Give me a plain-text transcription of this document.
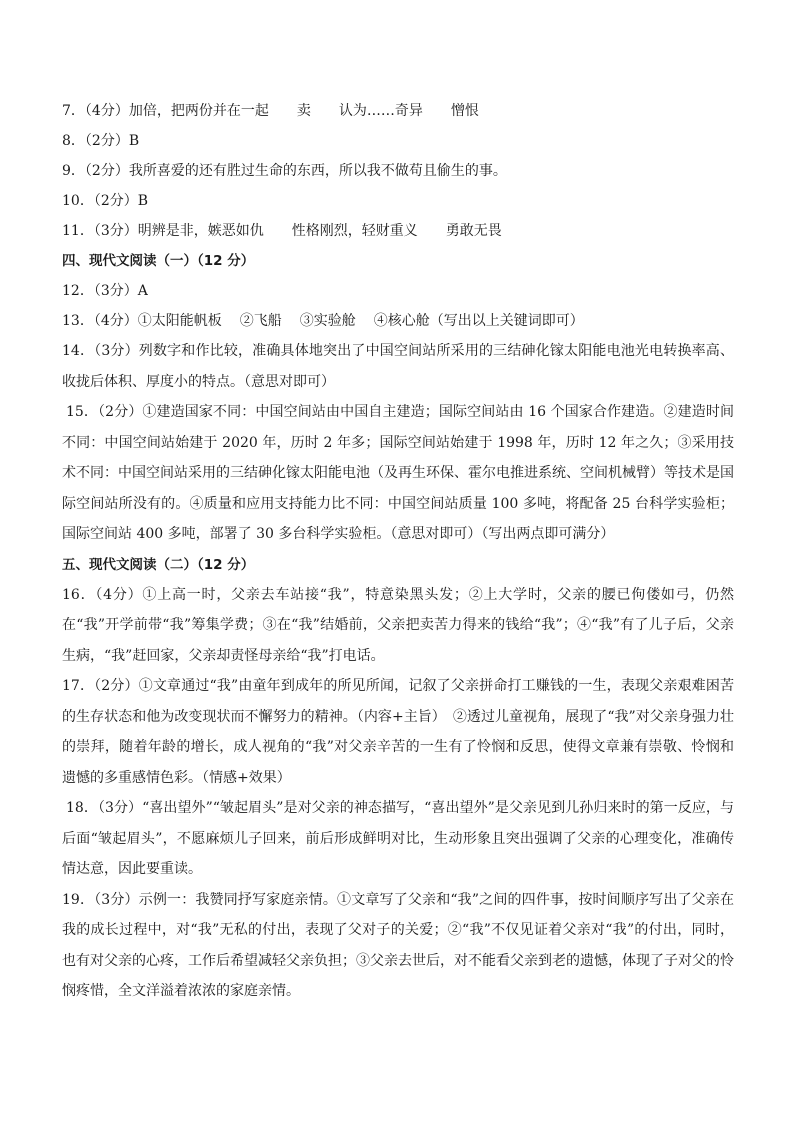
7．（4分）加倍，把两份并在一起 卖 认为……奇异 憎恨
8．（2分）B
9．（2分）我所喜爱的还有胜过生命的东西，所以我不做苟且偷生的事。
10．（2分）B
11．（3分）明辨是非，嫉恶如仇 性格刚烈，轻财重义 勇敢无畏
四、现代文阅读（一）（12 分）
12．（3分）A
13．（4分）①太阳能帆板 ②飞船 ③实验舱 ④核心舱（写出以上关键词即可）
14．（3分）列数字和作比较，准确具体地突出了中国空间站所采用的三结砷化镓太阳能电池光电转换率高、收拢后体积、厚度小的特点。（意思对即可）
15．（2分）①建造国家不同：中国空间站由中国自主建造；国际空间站由 16 个国家合作建造。②建造时间不同：中国空间站始建于 2020 年，历时 2 年多；国际空间站始建于 1998 年，历时 12 年之久；③采用技术不同：中国空间站采用的三结砷化镓太阳能电池（及再生环保、霍尔电推进系统、空间机械臂）等技术是国际空间站所没有的。④质量和应用支持能力比不同：中国空间站质量 100 多吨，将配备 25 台科学实验柜；国际空间站 400 多吨，部署了 30 多台科学实验柜。（意思对即可）（写出两点即可满分）
五、现代文阅读（二）（12 分）
16．（4分）①上高一时，父亲去车站接“我”，特意染黑头发；②上大学时，父亲的腰已佝偻如弓，仍然在“我”开学前带“我”筹集学费；③在“我”结婚前，父亲把卖苦力得来的钱给“我”；④“我”有了儿子后，父亲生病，“我”赶回家，父亲却责怪母亲给“我”打电话。
17．（2分）①文章通过“我”由童年到成年的所见所闻，记叙了父亲拼命打工赚钱的一生，表现父亲艰难困苦的生存状态和他为改变现状而不懈努力的精神。（内容+主旨）　②透过儿童视角，展现了“我”对父亲身强力壮的崇拜，随着年龄的增长，成人视角的“我”对父亲辛苦的一生有了怜悯和反思，使得文章兼有崇敬、怜悯和遗憾的多重感情色彩。（情感+效果）
18．（3分）“喜出望外”“皱起眉头”是对父亲的神态描写，“喜出望外”是父亲见到儿孙归来时的第一反应，与后面“皱起眉头”，不愿麻烦儿子回来，前后形成鲜明对比，生动形象且突出强调了父亲的心理变化，准确传情达意，因此要重读。
19．（3分）示例一：我赞同抒写家庭亲情。①文章写了父亲和“我”之间的四件事，按时间顺序写出了父亲在我的成长过程中，对“我”无私的付出，表现了父对子的关爱；②“我”不仅见证着父亲对“我”的付出，同时，也有对父亲的心疼，工作后希望减轻父亲负担；③父亲去世后，对不能看父亲到老的遗憾，体现了子对父的怜悯疼惜，全文洋溢着浓浓的家庭亲情。
